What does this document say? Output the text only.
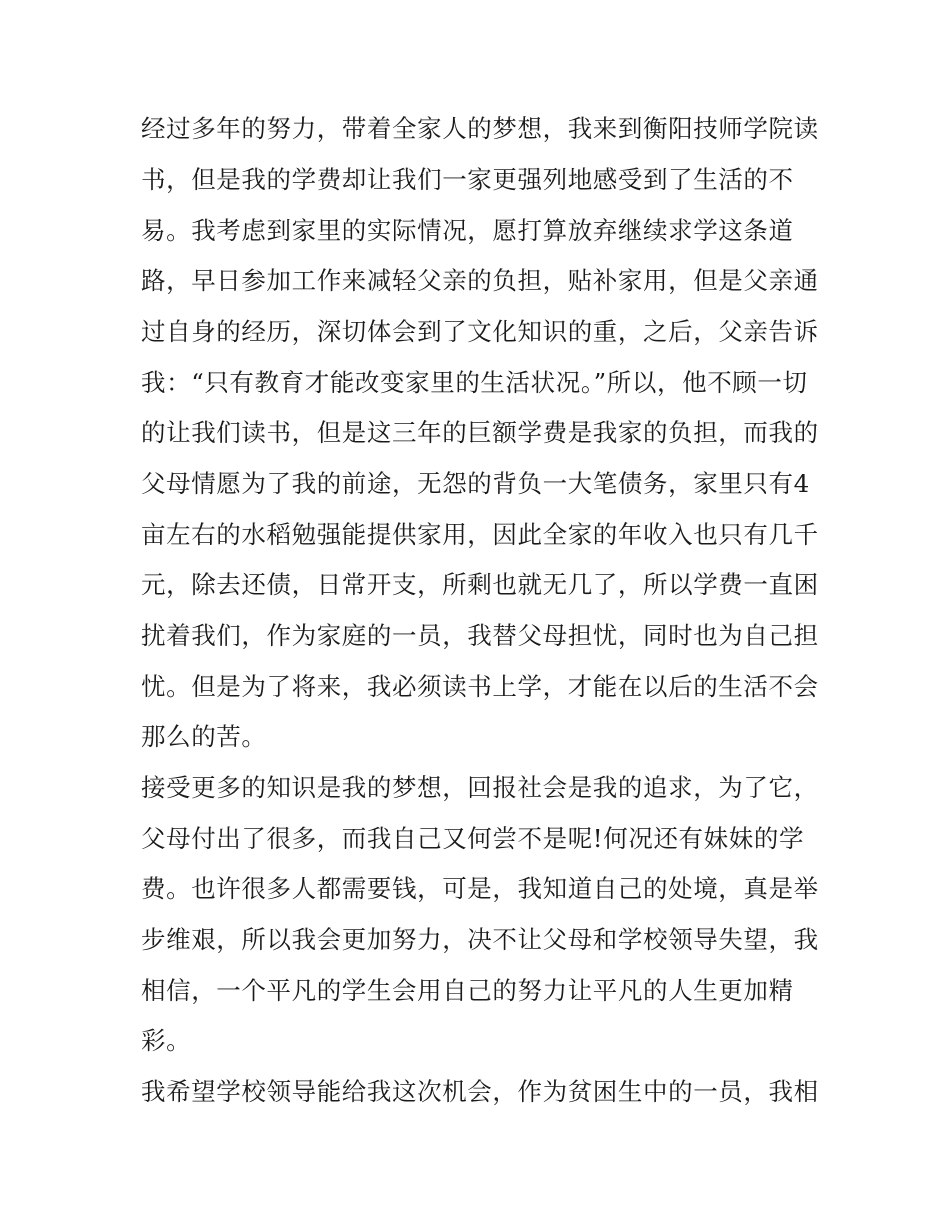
经过多年的努力，带着全家人的梦想，我来到衡阳技师学院读
书，但是我的学费却让我们一家更强列地感受到了生活的不
易。我考虑到家里的实际情况，愿打算放弃继续求学这条道
路，早日参加工作来减轻父亲的负担，贴补家用，但是父亲通
过自身的经历，深切体会到了文化知识的重，之后，父亲告诉
我：“只有教育才能改变家里的生活状况。”所以，他不顾一切
的让我们读书，但是这三年的巨额学费是我家的负担，而我的
父母情愿为了我的前途，无怨的背负一大笔债务，家里只有4
亩左右的水稻勉强能提供家用，因此全家的年收入也只有几千
元，除去还债，日常开支，所剩也就无几了，所以学费一直困
扰着我们，作为家庭的一员，我替父母担忧，同时也为自己担
忧。但是为了将来，我必须读书上学，才能在以后的生活不会
那么的苦。
接受更多的知识是我的梦想，回报社会是我的追求，为了它，
父母付出了很多，而我自己又何尝不是呢!何况还有妹妹的学
费。也许很多人都需要钱，可是，我知道自己的处境，真是举
步维艰，所以我会更加努力，决不让父母和学校领导失望，我
相信，一个平凡的学生会用自己的努力让平凡的人生更加精
彩。
我希望学校领导能给我这次机会，作为贫困生中的一员，我相
